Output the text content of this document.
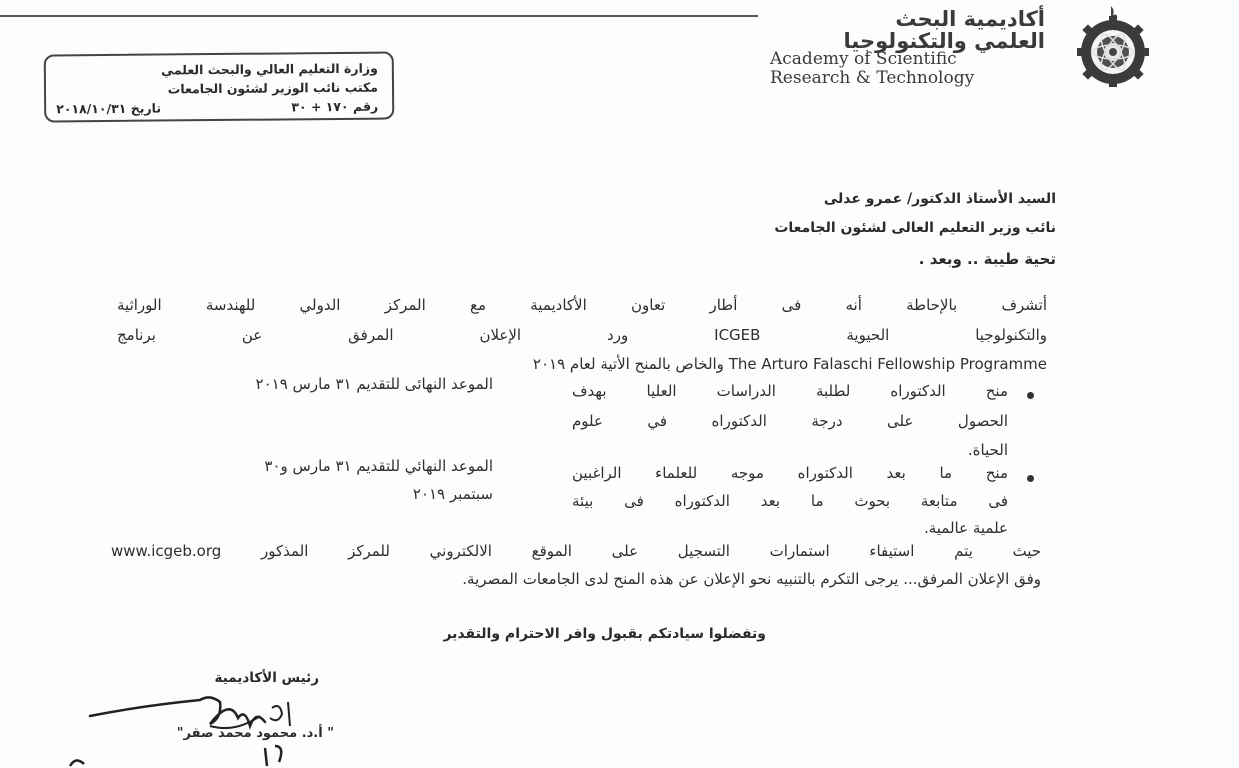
أكاديمية البحث
العلمي والتكنولوجيا
Academy of Scientific
Research & Technology
وزارة التعليم العالي والبحث العلمي
مكتب نائب الوزير لشئون الجامعات
رقم ١٧٠ + ٣٠
تاريخ ٢٠١٨/١٠/٣١
السيد الأستاذ الدكتور/ عمرو عدلى
نائب وزير التعليم العالى لشئون الجامعات
تحية طيبة .. وبعد .
أتشرف بالإحاطة أنه فى أطار تعاون الأكاديمية مع المركز الدولي للهندسة الوراثية
والتكنولوجيا الحيوية ICGEB ورد الإعلان المرفق عن برنامج
The Arturo Falaschi Fellowship Programme والخاص بالمنح الأتية لعام ٢٠١٩
منح الدكتوراه لطلبة الدراسات العليا بهدف
الحصول على درجة الدكتوراه في علوم
الحياة.
الموعد النهائى للتقديم ٣١ مارس ٢٠١٩
منح ما بعد الدكتوراه موجه للعلماء الراغبين
فى متابعة بحوث ما بعد الدكتوراه فى بيئة
علمية عالمية.
الموعد النهائي للتقديم ٣١ مارس و٣٠
سبتمبر ٢٠١٩
حيث يتم استيفاء استمارات التسجيل على الموقع الالكتروني للمركز المذكور www.icgeb.org
وفق الإعلان المرفق... يرجى التكرم بالتنبيه نحو الإعلان عن هذه المنح لدى الجامعات المصرية.
وتفضلوا سيادتكم بقبول وافر الاحترام والتقدير
رئيس الأكاديمية
" أ.د. محمود محمد صقر"
